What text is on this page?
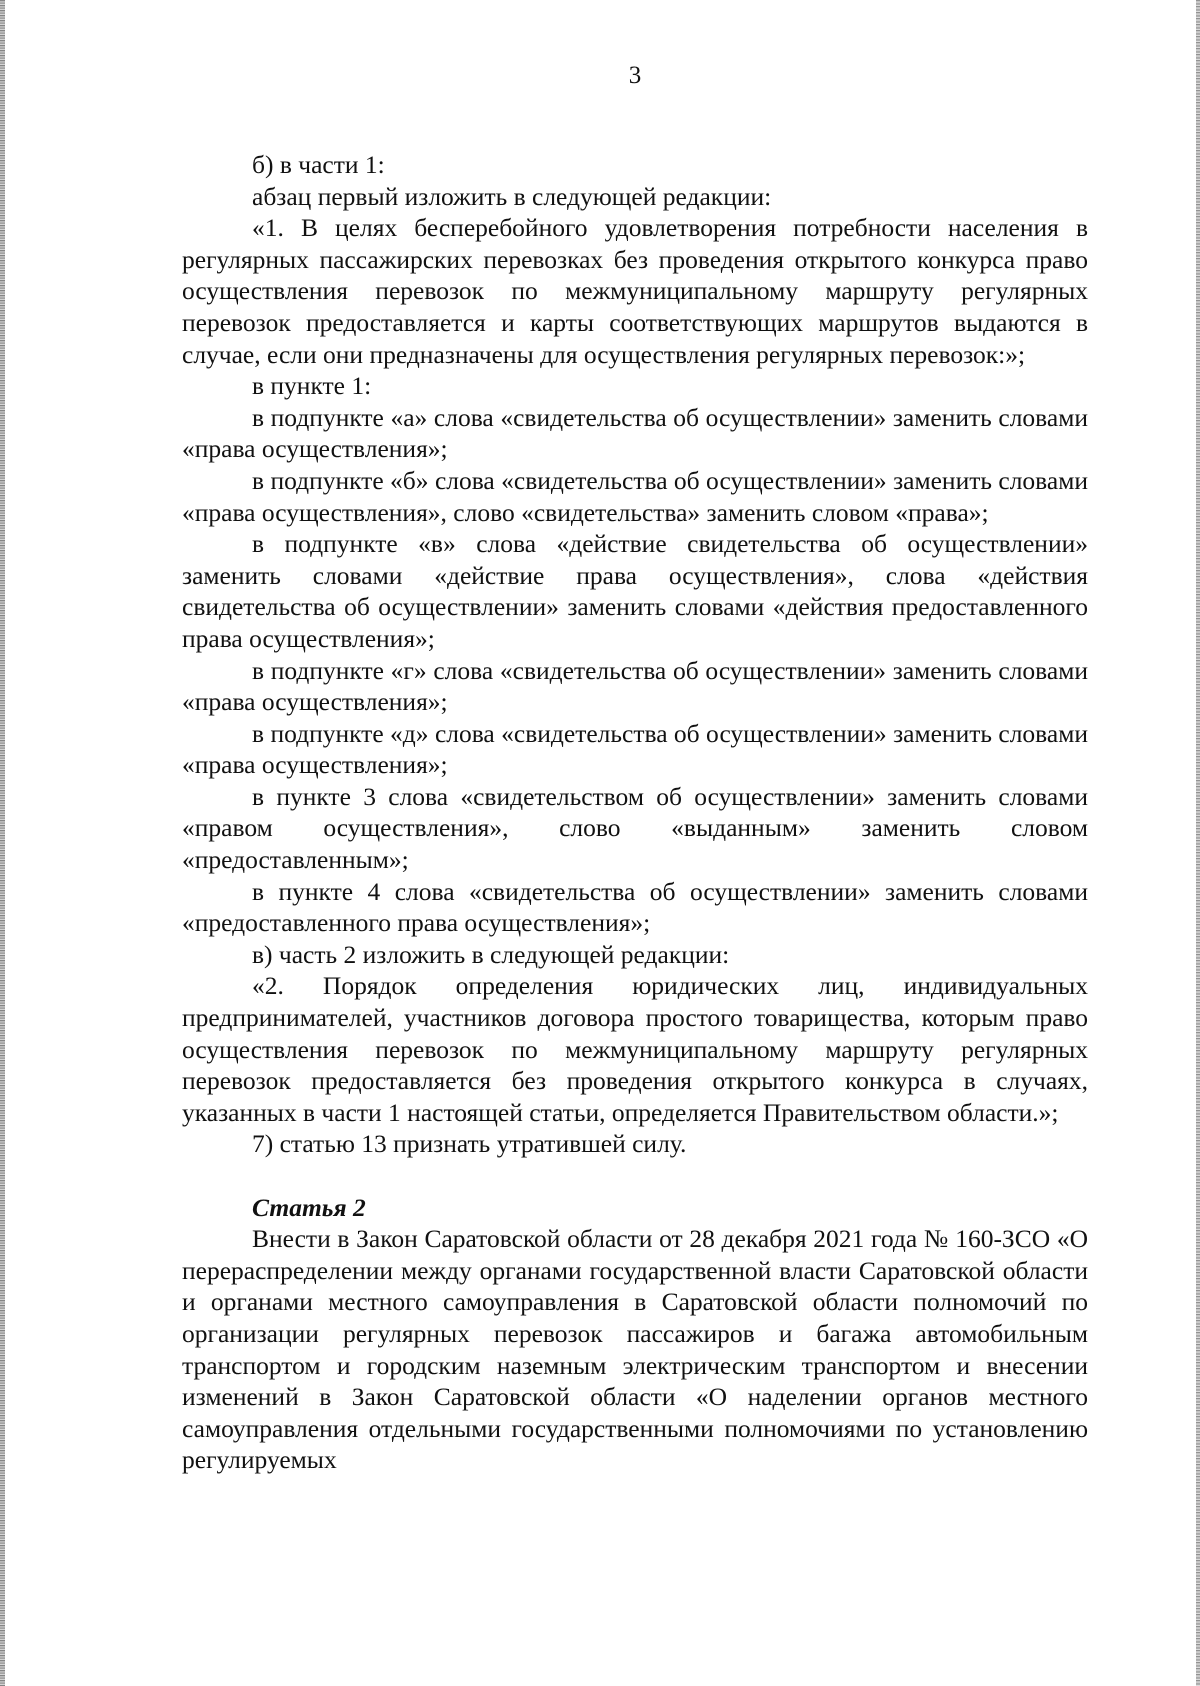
3

б) в части 1:

абзац первый изложить в следующей редакции:

«1. В целях бесперебойного удовлетворения потребности населения в регулярных пассажирских перевозках без проведения открытого конкурса право осуществления перевозок по межмуниципальному маршруту регулярных перевозок предоставляется и карты соответствующих маршрутов выдаются в случае, если они предназначены для осуществления регулярных перевозок:»;

в пункте 1:

в подпункте «а» слова «свидетельства об осуществлении» заменить словами «права осуществления»;

в подпункте «б» слова «свидетельства об осуществлении» заменить словами «права осуществления», слово «свидетельства» заменить словом «права»;

в подпункте «в» слова «действие свидетельства об осуществлении» заменить словами «действие права осуществления», слова «действия свидетельства об осуществлении» заменить словами «действия предоставленного права осуществления»;

в подпункте «г» слова «свидетельства об осуществлении» заменить словами «права осуществления»;

в подпункте «д» слова «свидетельства об осуществлении» заменить словами «права осуществления»;

в пункте 3 слова «свидетельством об осуществлении» заменить словами «правом осуществления», слово «выданным» заменить словом «предоставленным»;

в пункте 4 слова «свидетельства об осуществлении» заменить словами «предоставленного права осуществления»;

в) часть 2 изложить в следующей редакции:

«2. Порядок определения юридических лиц, индивидуальных предпринимателей, участников договора простого товарищества, которым право осуществления перевозок по межмуниципальному маршруту регулярных перевозок предоставляется без проведения открытого конкурса в случаях, указанных в части 1 настоящей статьи, определяется Правительством области.»;

7) статью 13 признать утратившей силу.

Статья 2

Внести в Закон Саратовской области от 28 декабря 2021 года № 160-ЗСО «О перераспределении между органами государственной власти Саратовской области и органами местного самоуправления в Саратовской области полномочий по организации регулярных перевозок пассажиров и багажа автомобильным транспортом и городским наземным электрическим транспортом и внесении изменений в Закон Саратовской области «О наделении органов местного самоуправления отдельными государственными полномочиями по установлению регулируемых
